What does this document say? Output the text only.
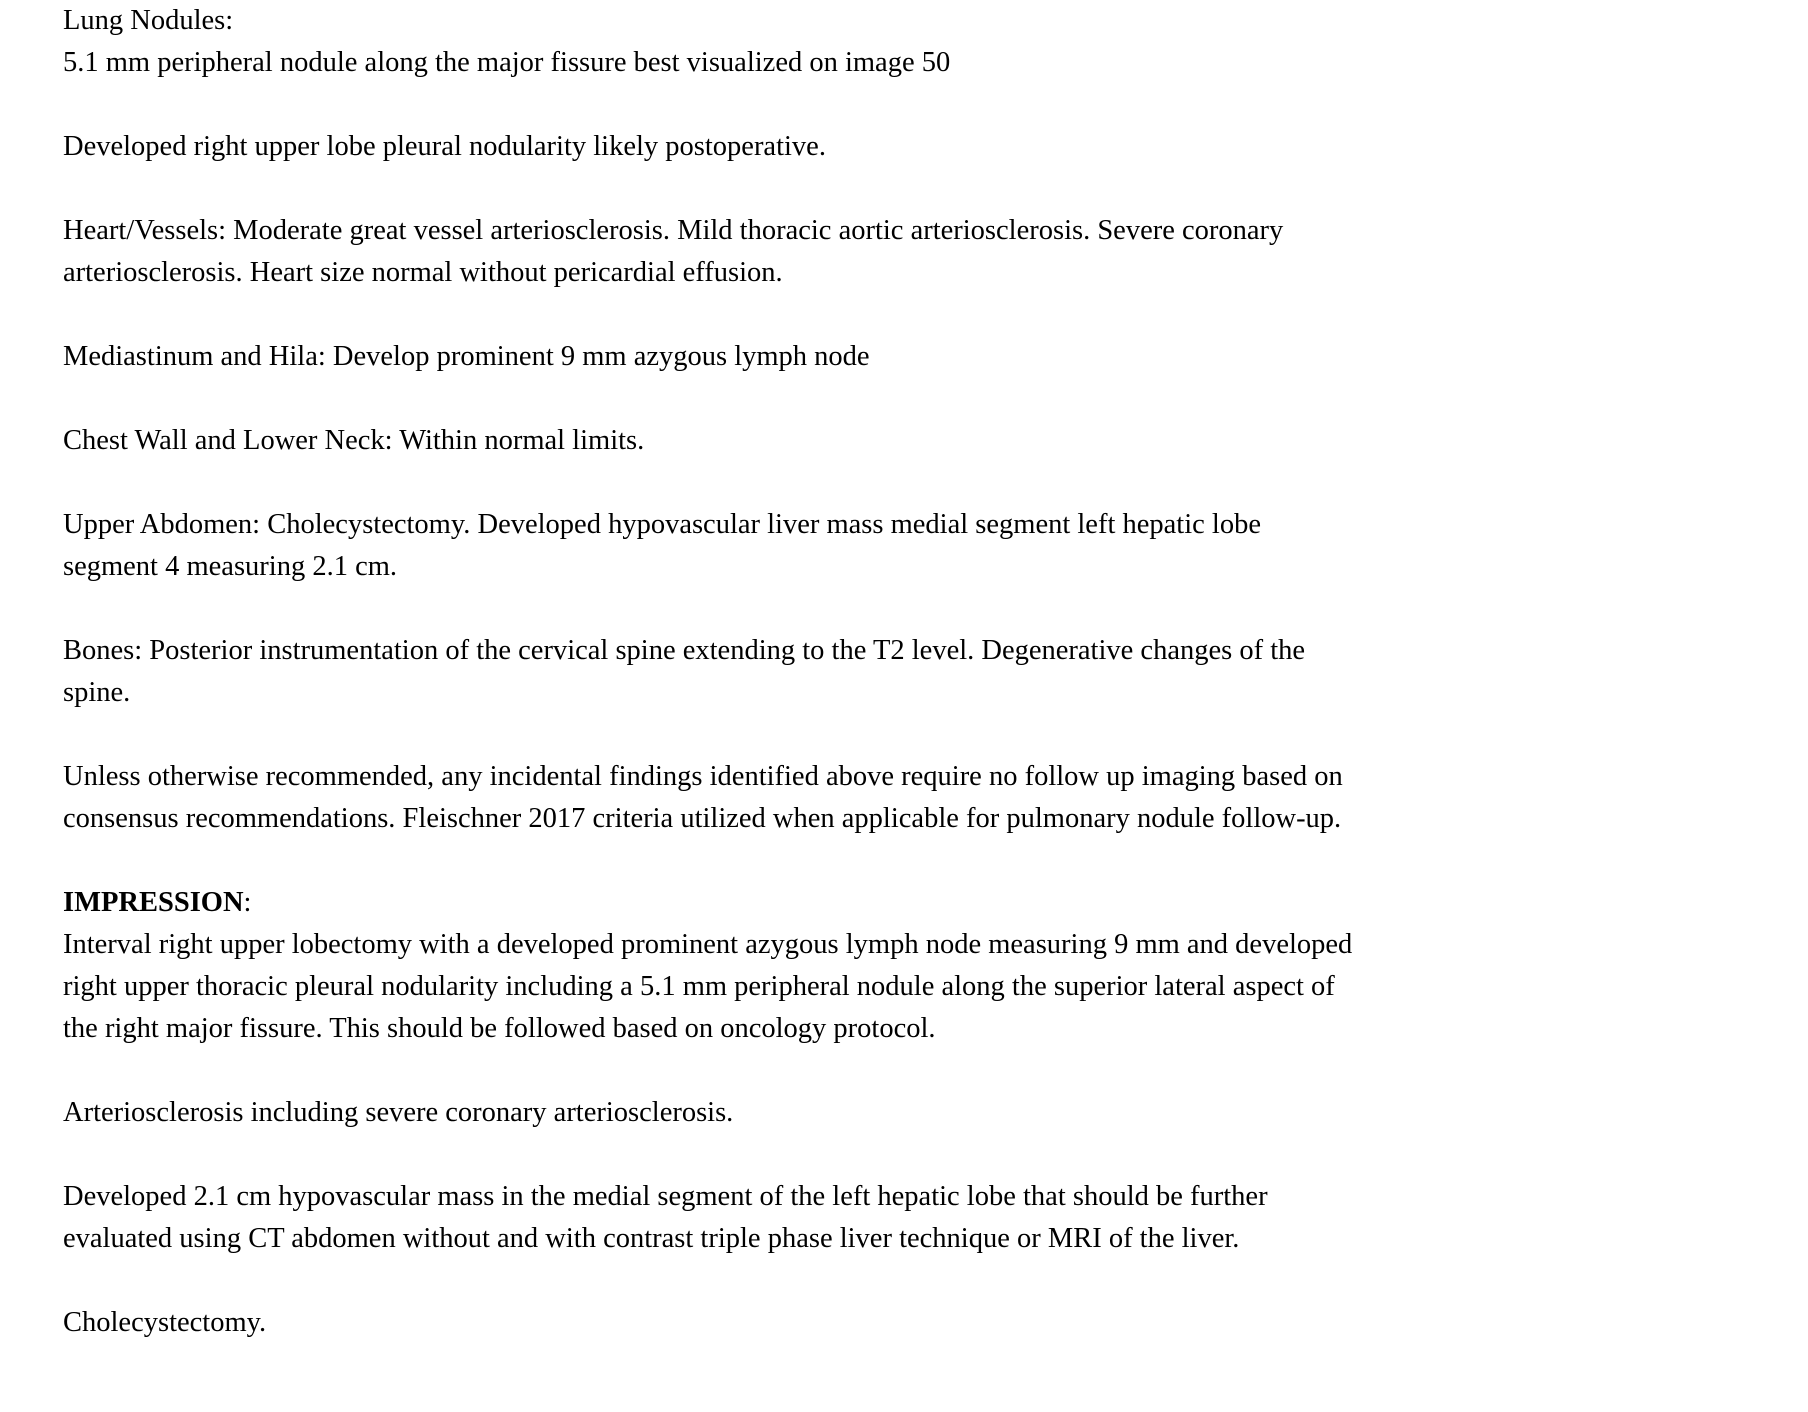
Lung Nodules:
5.1 mm peripheral nodule along the major fissure best visualized on image 50

Developed right upper lobe pleural nodularity likely postoperative.

Heart/Vessels: Moderate great vessel arteriosclerosis. Mild thoracic aortic arteriosclerosis. Severe coronary arteriosclerosis. Heart size normal without pericardial effusion.

Mediastinum and Hila: Develop prominent 9 mm azygous lymph node

Chest Wall and Lower Neck: Within normal limits.

Upper Abdomen: Cholecystectomy. Developed hypovascular liver mass medial segment left hepatic lobe segment 4 measuring 2.1 cm.

Bones: Posterior instrumentation of the cervical spine extending to the T2 level. Degenerative changes of the spine.

Unless otherwise recommended, any incidental findings identified above require no follow up imaging based on consensus recommendations. Fleischner 2017 criteria utilized when applicable for pulmonary nodule follow-up.

IMPRESSION:
Interval right upper lobectomy with a developed prominent azygous lymph node measuring 9 mm and developed right upper thoracic pleural nodularity including a 5.1 mm peripheral nodule along the superior lateral aspect of the right major fissure. This should be followed based on oncology protocol.

Arteriosclerosis including severe coronary arteriosclerosis.

Developed 2.1 cm hypovascular mass in the medial segment of the left hepatic lobe that should be further evaluated using CT abdomen without and with contrast triple phase liver technique or MRI of the liver.

Cholecystectomy.
